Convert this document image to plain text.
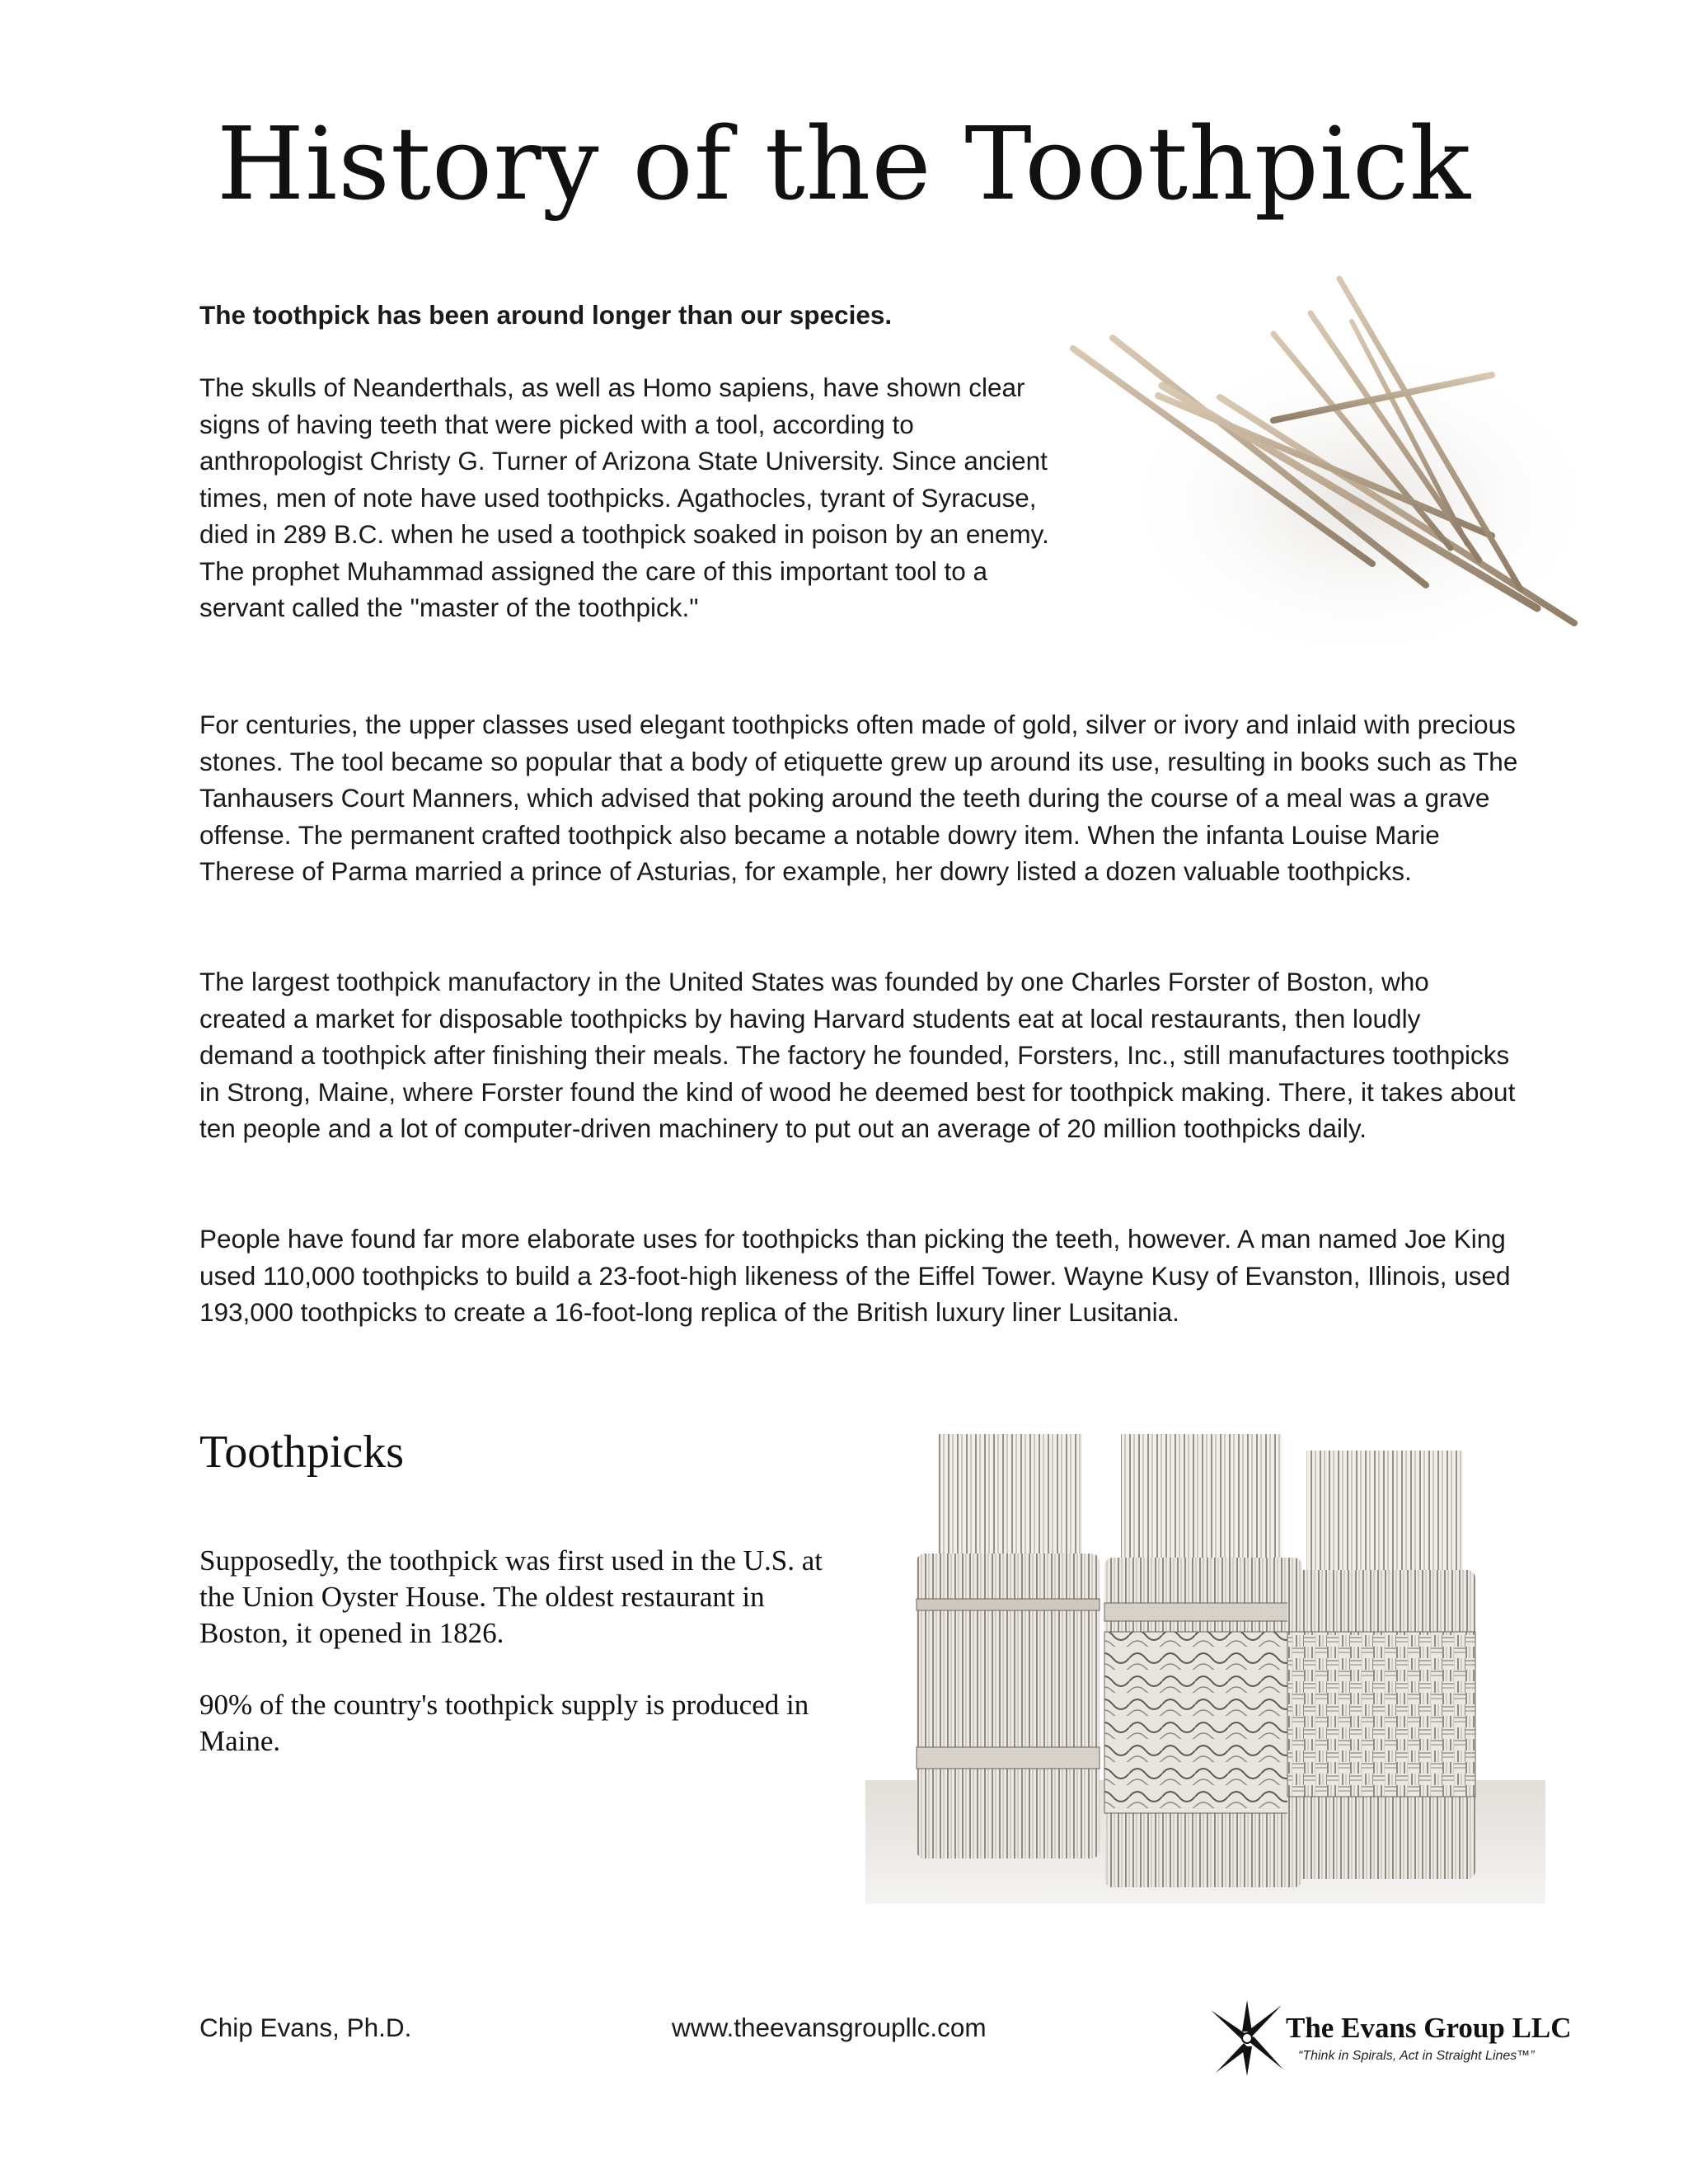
History of the Toothpick

The toothpick has been around longer than our species.

The skulls of Neanderthals, as well as Homo sapiens, have shown clear signs of having teeth that were picked with a tool, according to anthropologist Christy G. Turner of Arizona State University. Since ancient times, men of note have used toothpicks. Agathocles, tyrant of Syracuse, died in 289 B.C. when he used a toothpick soaked in poison by an enemy. The prophet Muhammad assigned the care of this important tool to a servant called the "master of the toothpick."

For centuries, the upper classes used elegant toothpicks often made of gold, silver or ivory and inlaid with precious stones. The tool became so popular that a body of etiquette grew up around its use, resulting in books such as The Tanhausers Court Manners, which advised that poking around the teeth during the course of a meal was a grave offense. The permanent crafted toothpick also became a notable dowry item. When the infanta Louise Marie Therese of Parma married a prince of Asturias, for example, her dowry listed a dozen valuable toothpicks.

The largest toothpick manufactory in the United States was founded by one Charles Forster of Boston, who created a market for disposable toothpicks by having Harvard students eat at local restaurants, then loudly demand a toothpick after finishing their meals. The factory he founded, Forsters, Inc., still manufactures toothpicks in Strong, Maine, where Forster found the kind of wood he deemed best for toothpick making. There, it takes about ten people and a lot of computer-driven machinery to put out an average of 20 million toothpicks daily.

People have found far more elaborate uses for toothpicks than picking the teeth, however. A man named Joe King used 110,000 toothpicks to build a 23-foot-high likeness of the Eiffel Tower. Wayne Kusy of Evanston, Illinois, used 193,000 toothpicks to create a 16-foot-long replica of the British luxury liner Lusitania.

Toothpicks

Supposedly, the toothpick was first used in the U.S. at the Union Oyster House. The oldest restaurant in Boston, it opened in 1826.

90% of the country's toothpick supply is produced in Maine.

Chip Evans, Ph.D.	www.theevansgroupllc.com	The Evans Group LLC
“Think in Spirals, Act in Straight Lines™”
